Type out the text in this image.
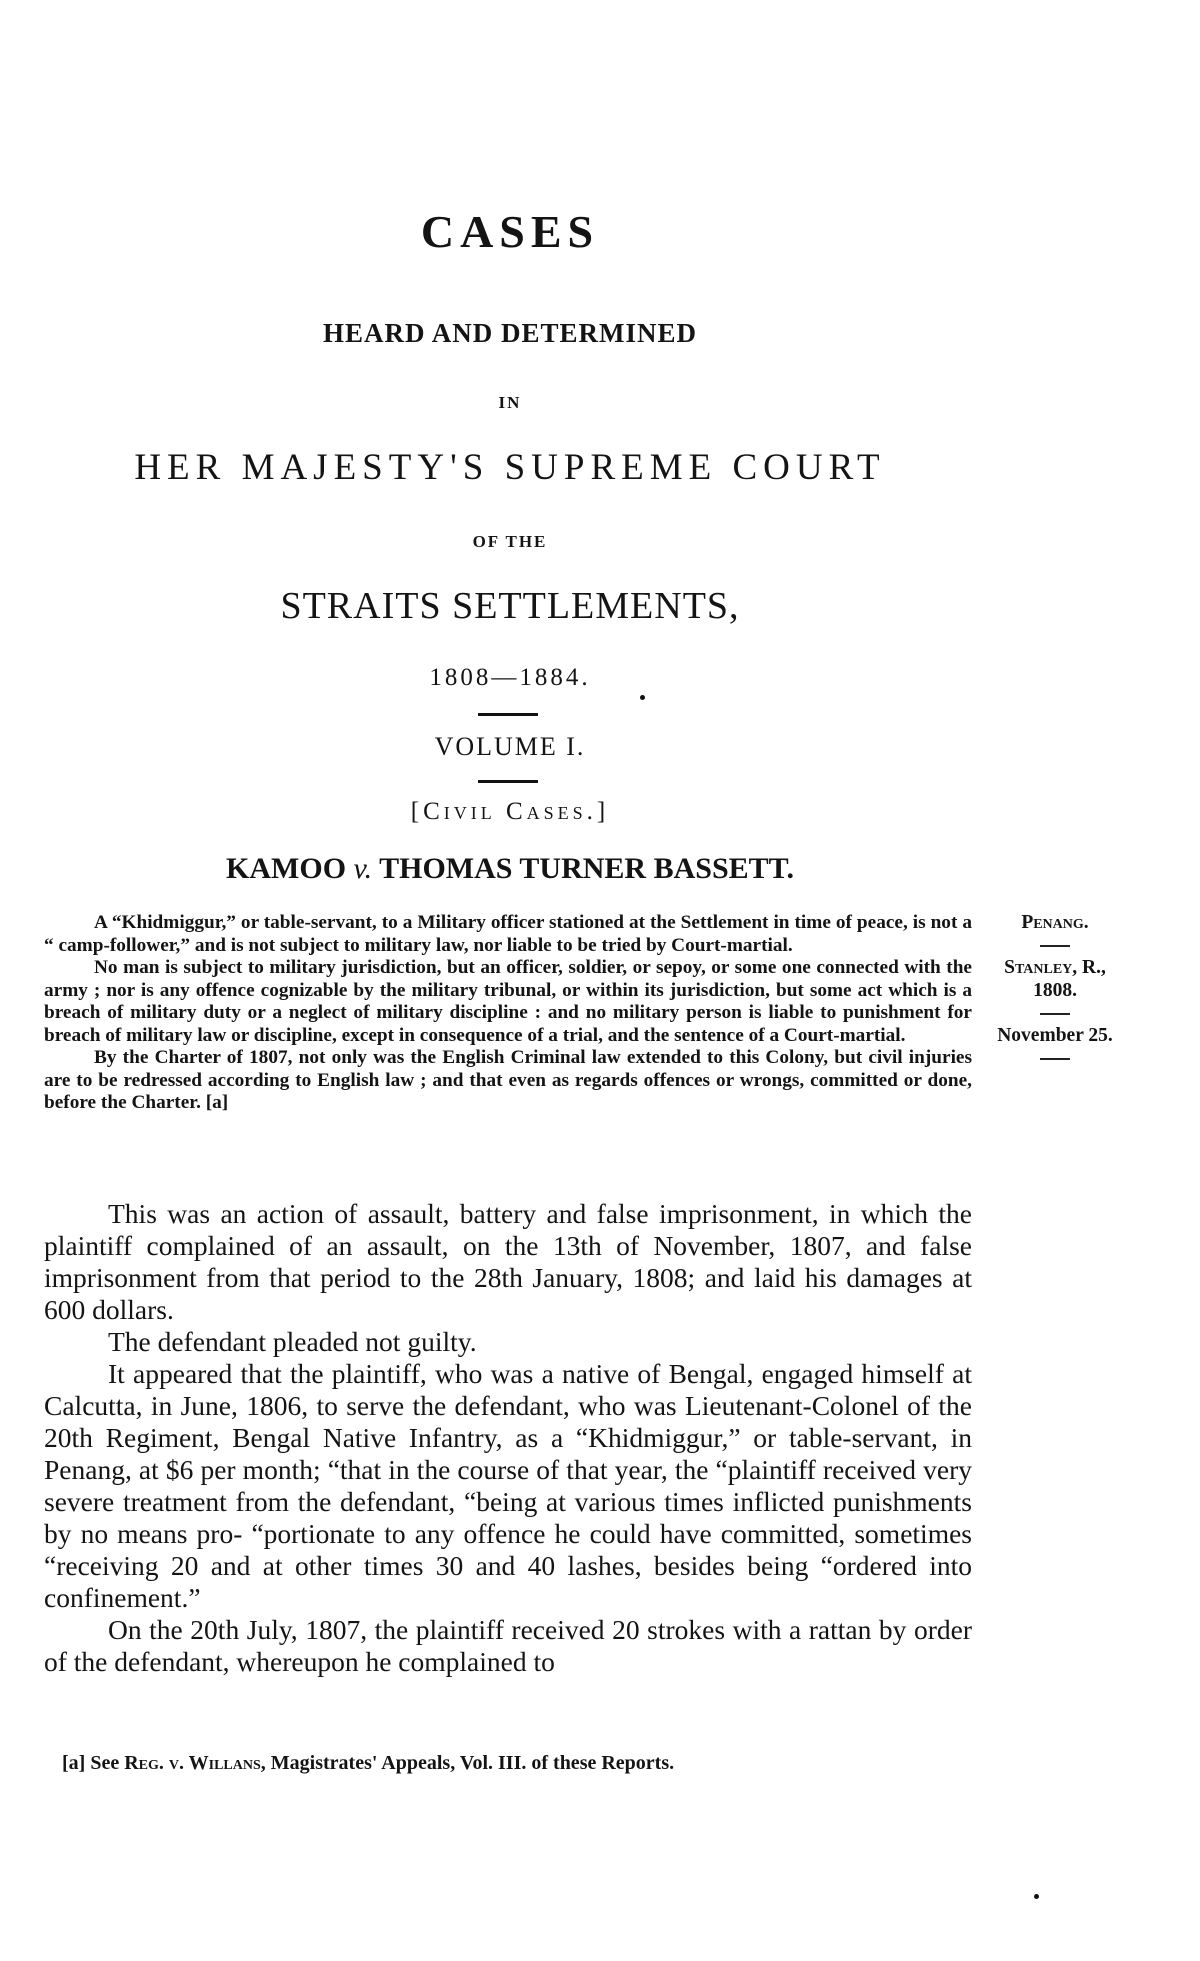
CASES
HEARD AND DETERMINED
IN
HER MAJESTY'S SUPREME COURT
OF THE
STRAITS SETTLEMENTS,
1808—1884.
VOLUME I.
[Civil Cases.]
KAMOO v. THOMAS TURNER BASSETT.

A “Khidmiggur,” or table-servant, to a Military officer stationed at the Settlement in time of peace, is not a “ camp-follower,” and is not subject to military law, nor liable to be tried by Court-martial.

No man is subject to military jurisdiction, but an officer, soldier, or sepoy, or some one connected with the army ; nor is any offence cognizable by the military tribunal, or within its jurisdiction, but some act which is a breach of military duty or a neglect of military discipline : and no military person is liable to punishment for breach of military law or discipline, except in consequence of a trial, and the sentence of a Court-martial.

By the Charter of 1807, not only was the English Criminal law extended to this Colony, but civil injuries are to be redressed according to English law ; and that even as regards offences or wrongs, committed or done, before the Charter. [a]

Penang.
Stanley, R.,
1808.
November 25.

This was an action of assault, battery and false imprisonment, in which the plaintiff complained of an assault, on the 13th of November, 1807, and false imprisonment from that period to the 28th January, 1808; and laid his damages at 600 dollars.

The defendant pleaded not guilty.

It appeared that the plaintiff, who was a native of Bengal, engaged himself at Calcutta, in June, 1806, to serve the defendant, who was Lieutenant-Colonel of the 20th Regiment, Bengal Native Infantry, as a “Khidmiggur,” or table-servant, in Penang, at $6 per month; “that in the course of that year, the “plaintiff received very severe treatment from the defendant, “being at various times inflicted punishments by no means pro- “portionate to any offence he could have committed, sometimes “receiving 20 and at other times 30 and 40 lashes, besides being “ordered into confinement.”

On the 20th July, 1807, the plaintiff received 20 strokes with a rattan by order of the defendant, whereupon he complained to

[a] See Reg. v. Willans, Magistrates' Appeals, Vol. III. of these Reports.
